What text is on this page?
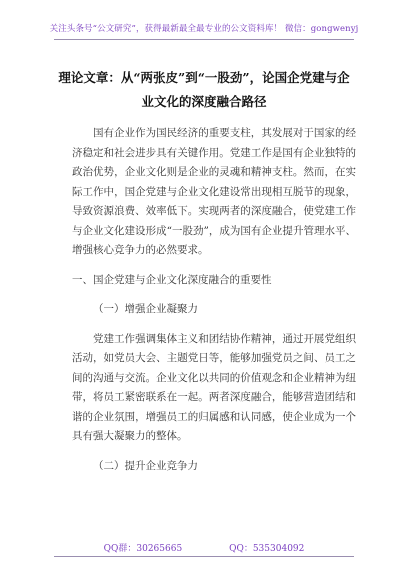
关注头条号“公文研究”，获得最新最全最专业的公文资料库！ 微信：gongwenyj
理论文章：从“两张皮”到“一股劲”，论国企党建与企业文化的深度融合路径

国有企业作为国民经济的重要支柱，其发展对于国家的经济稳定和社会进步具有关键作用。党建工作是国有企业独特的政治优势，企业文化则是企业的灵魂和精神支柱。然而，在实际工作中，国企党建与企业文化建设常出现相互脱节的现象，导致资源浪费、效率低下。实现两者的深度融合，使党建工作与企业文化建设形成“一股劲”，成为国有企业提升管理水平、增强核心竞争力的必然要求。

一、国企党建与企业文化深度融合的重要性

（一）增强企业凝聚力

党建工作强调集体主义和团结协作精神，通过开展党组织活动，如党员大会、主题党日等，能够加强党员之间、员工之间的沟通与交流。企业文化以共同的价值观念和企业精神为纽带，将员工紧密联系在一起。两者深度融合，能够营造团结和谐的企业氛围，增强员工的归属感和认同感，使企业成为一个具有强大凝聚力的整体。

（二）提升企业竞争力

QQ群：30265665	QQ：535304092
